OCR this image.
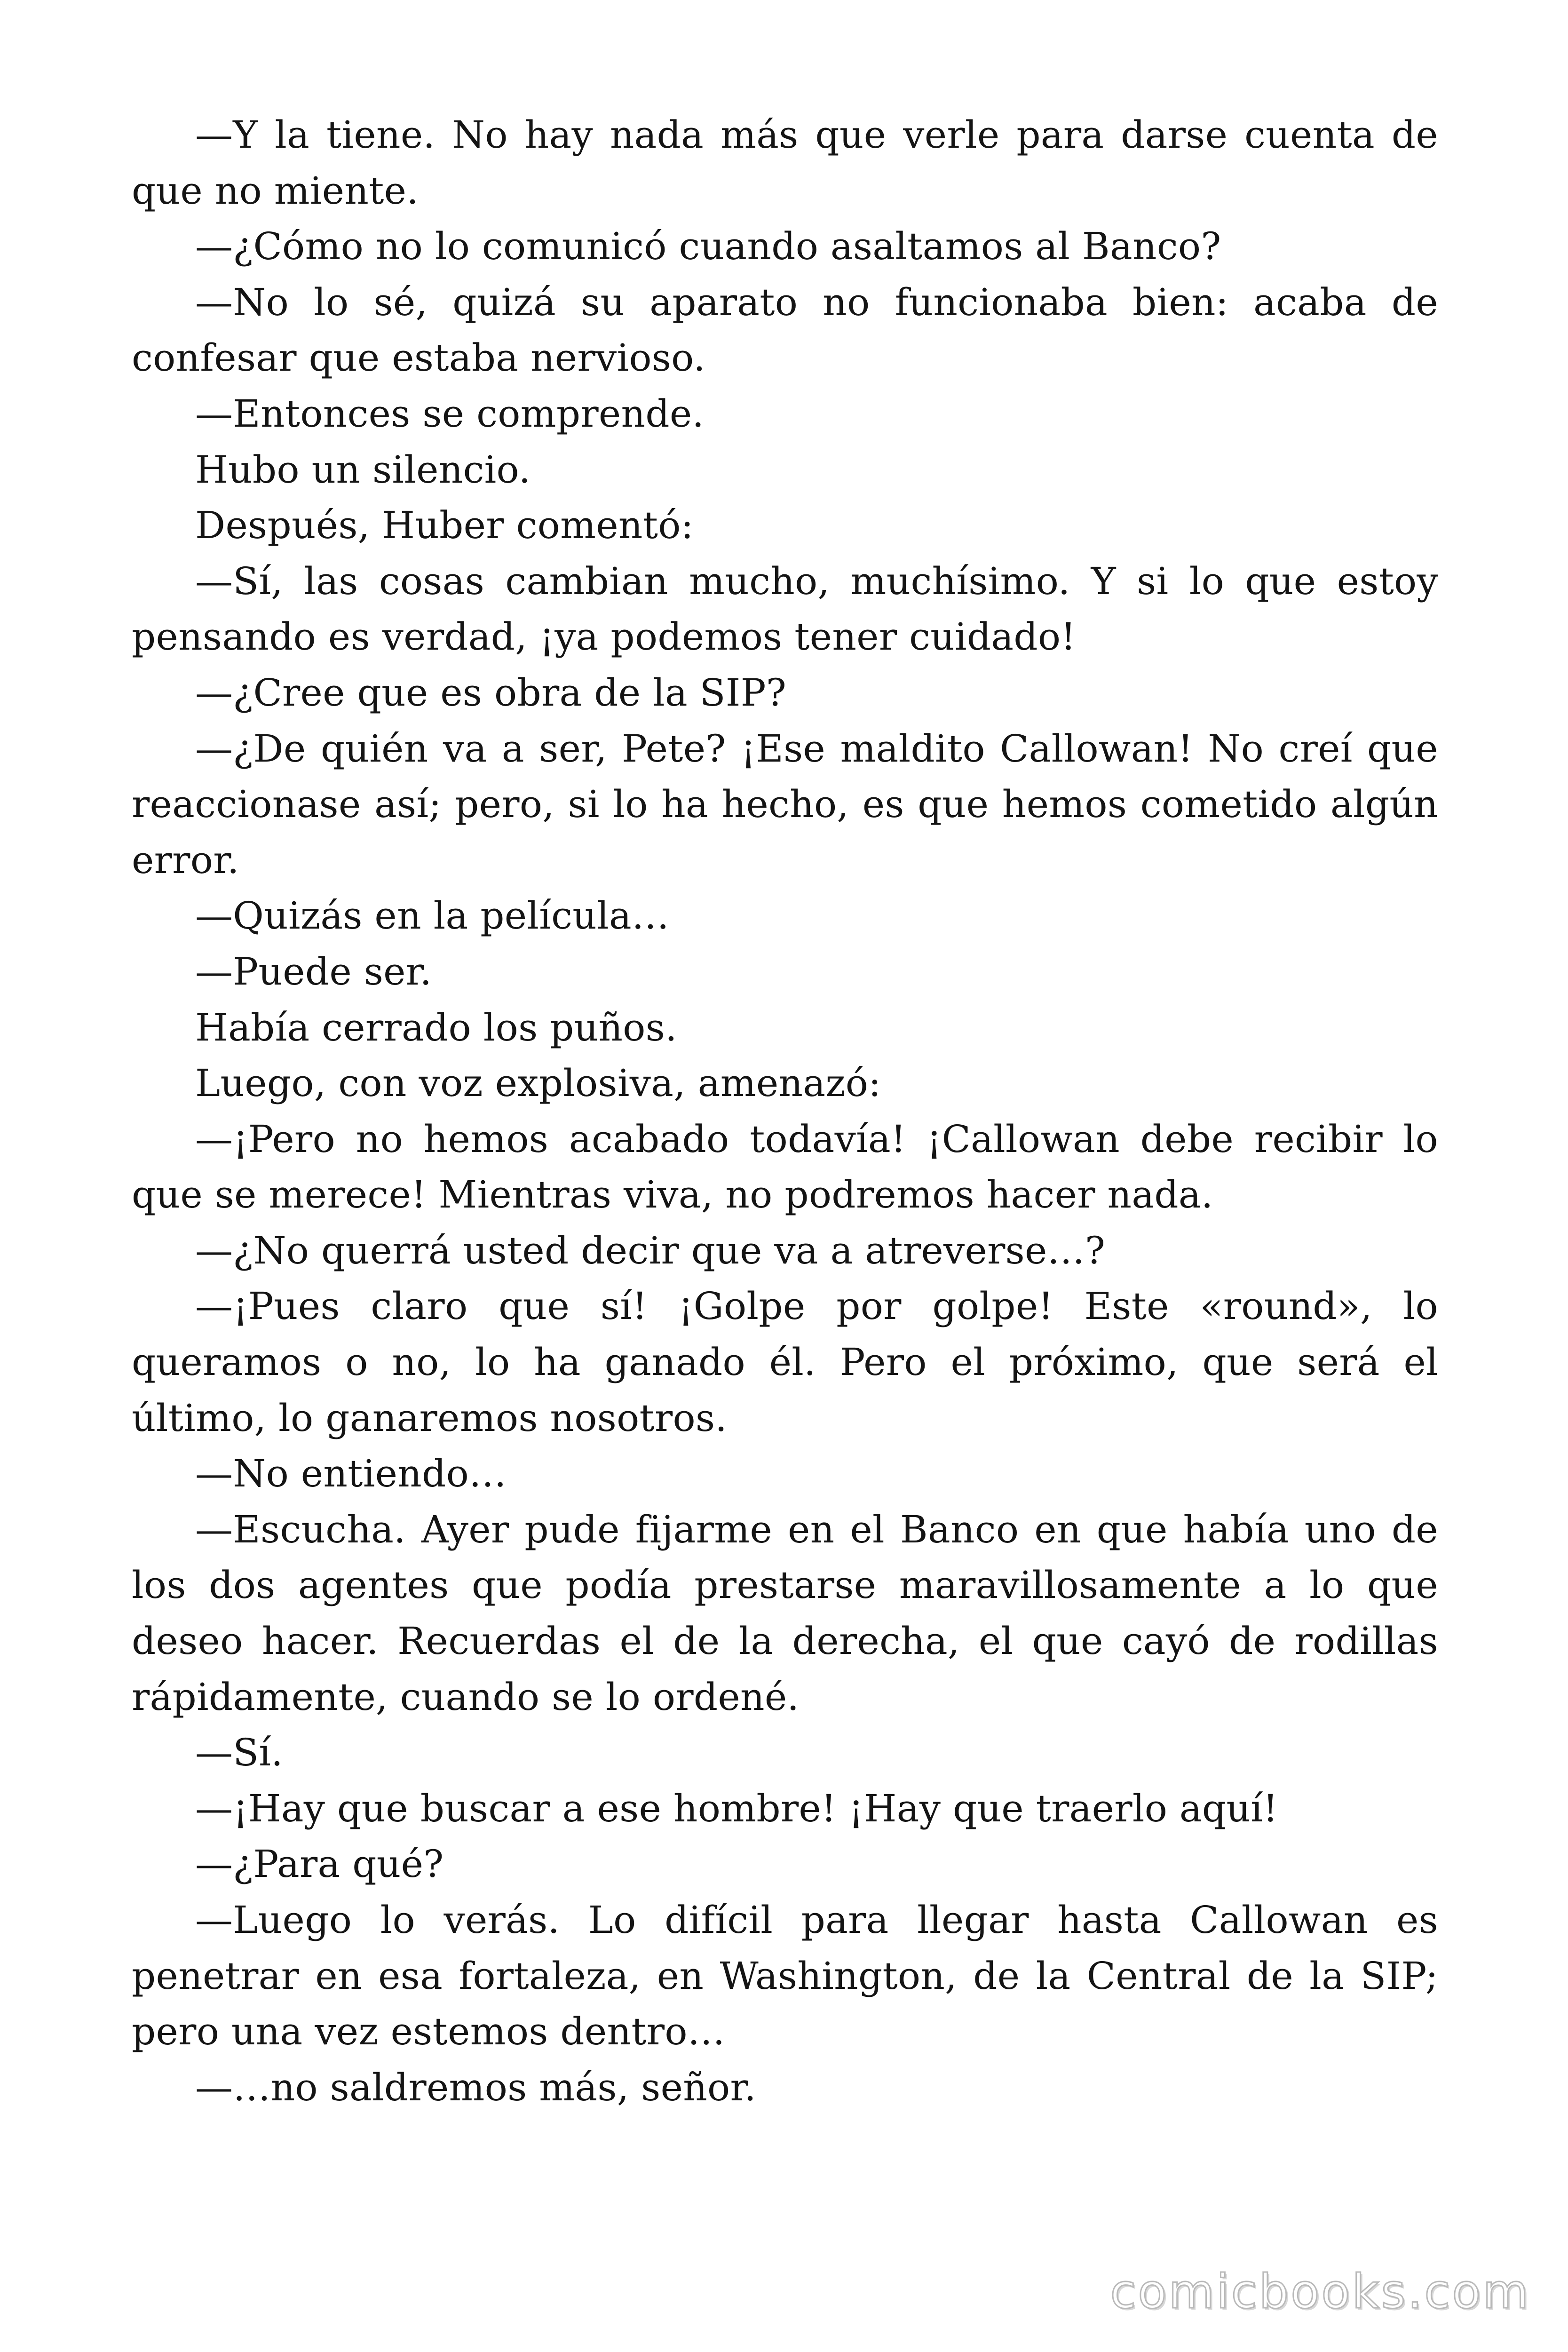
—Y la tiene. No hay nada más que verle para darse cuenta de que no miente.

—¿Cómo no lo comunicó cuando asaltamos al Banco?

—No lo sé, quizá su aparato no funcionaba bien: acaba de confesar que estaba nervioso.

—Entonces se comprende.

Hubo un silencio.

Después, Huber comentó:

—Sí, las cosas cambian mucho, muchísimo. Y si lo que estoy pensando es verdad, ¡ya podemos tener cuidado!

—¿Cree que es obra de la SIP?

—¿De quién va a ser, Pete? ¡Ese maldito Callowan! No creí que reaccionase así; pero, si lo ha hecho, es que hemos cometido algún error.

—Quizás en la película…

—Puede ser.

Había cerrado los puños.

Luego, con voz explosiva, amenazó:

—¡Pero no hemos acabado todavía! ¡Callowan debe recibir lo que se merece! Mientras viva, no podremos hacer nada.

—¿No querrá usted decir que va a atreverse…?

—¡Pues claro que sí! ¡Golpe por golpe! Este «round», lo queramos o no, lo ha ganado él. Pero el próximo, que será el último, lo ganaremos nosotros.

—No entiendo…

—Escucha. Ayer pude fijarme en el Banco en que había uno de los dos agentes que podía prestarse maravillosamente a lo que deseo hacer. Recuerdas el de la derecha, el que cayó de rodillas rápidamente, cuando se lo ordené.

—Sí.

—¡Hay que buscar a ese hombre! ¡Hay que traerlo aquí!

—¿Para qué?

—Luego lo verás. Lo difícil para llegar hasta Callowan es penetrar en esa fortaleza, en Washington, de la Central de la SIP; pero una vez estemos dentro…

—…no saldremos más, señor.

comicbooks.com
